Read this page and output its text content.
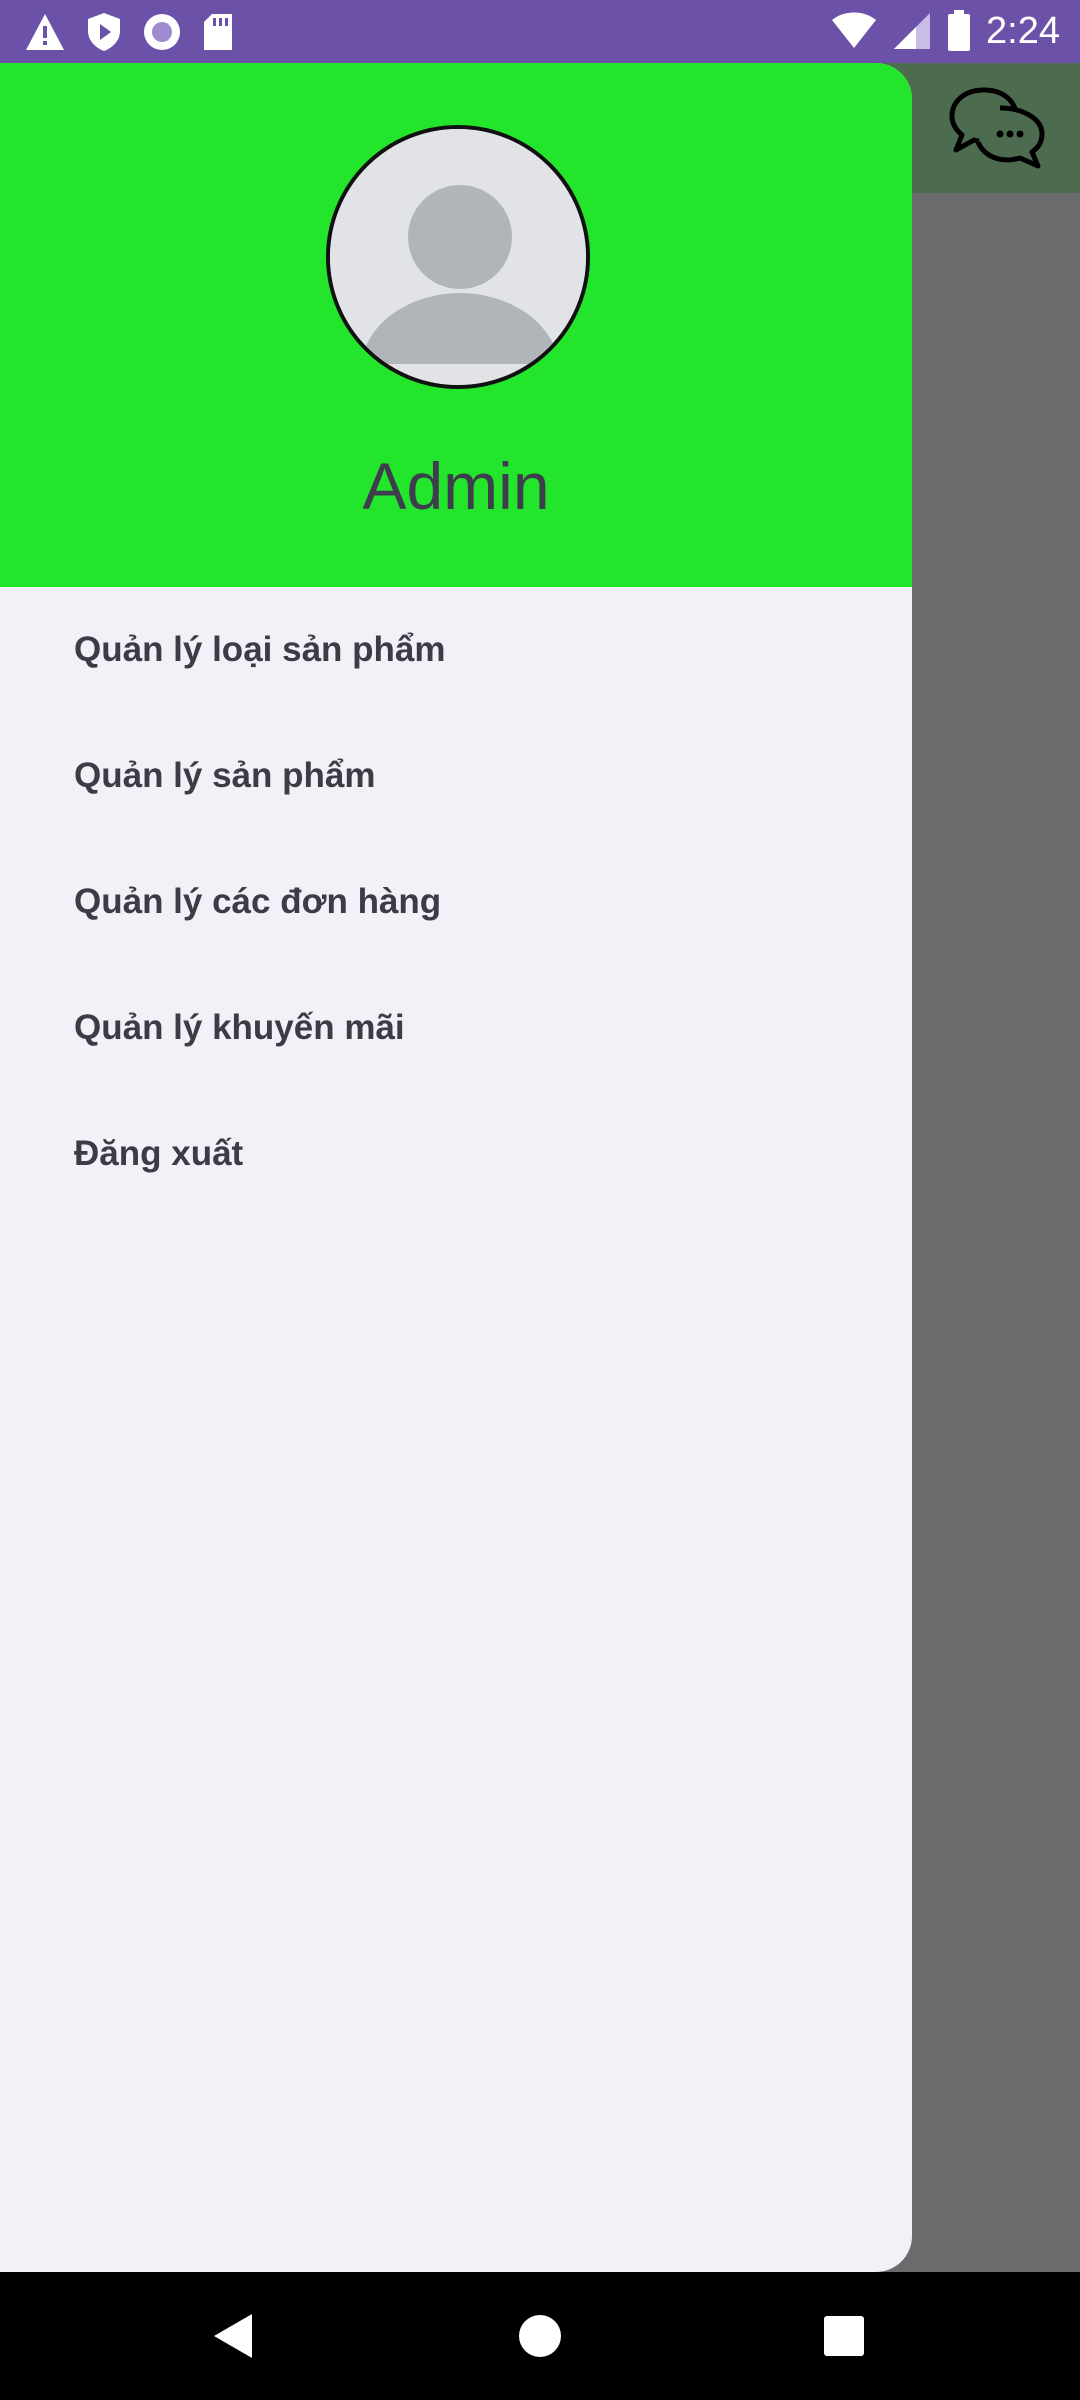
2:24
Admin
Quản lý loại sản phẩm
Quản lý sản phẩm
Quản lý các đơn hàng
Quản lý khuyến mãi
Đăng xuất
